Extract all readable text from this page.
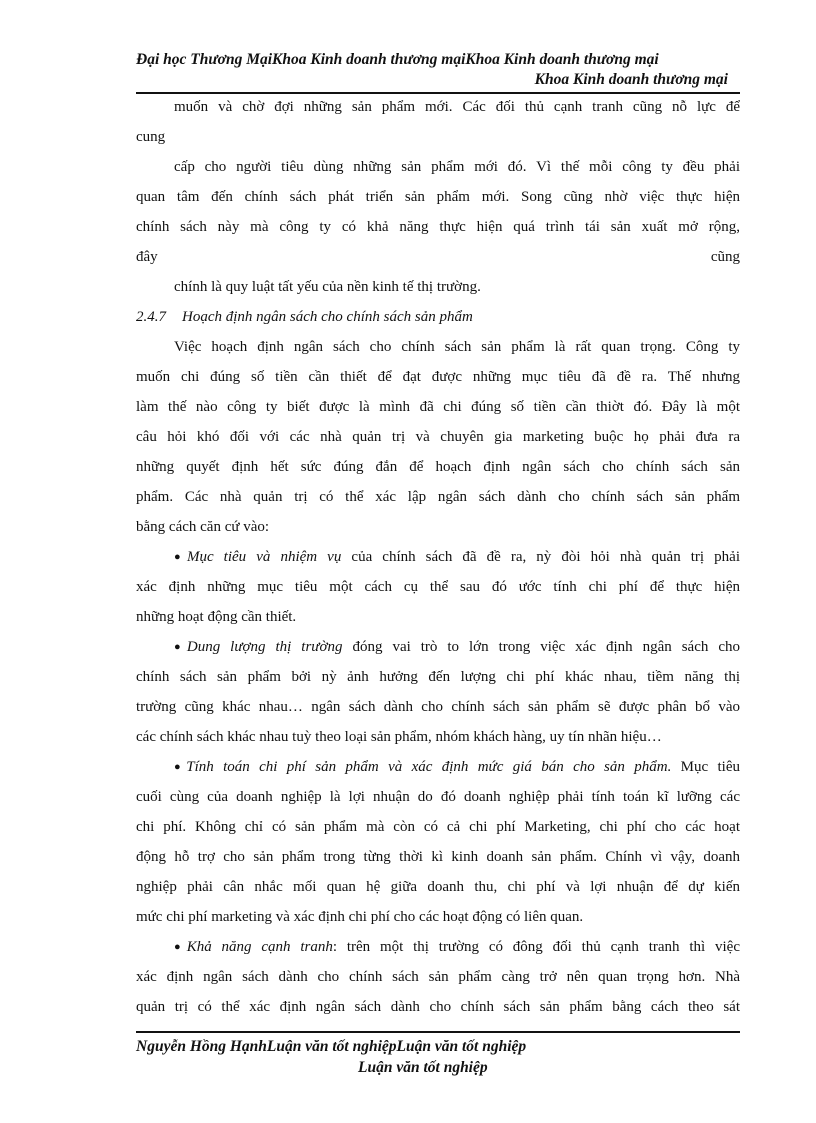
Đại học Thương MạiKhoa Kinh doanh thương mạiKhoa Kinh doanh thương mại
Khoa Kinh doanh thương mại
muốn và chờ đợi những sản phẩm mới. Các đối thủ cạnh tranh cũng nỗ lực để
cung
cấp cho người tiêu dùng những sản phẩm mới đó. Vì thế mỗi công ty đều phải
quan tâm đến chính sách phát triển sản phẩm mới. Song cũng nhờ việc thực hiện
chính sách này mà công ty có khả năng thực hiện quá trình tái sản xuất mở rộng,
đây	cũng
chính là quy luật tất yếu của nền kinh tế thị trường.
2.4.7 Hoạch định ngân sách cho chính sách sản phẩm
Việc hoạch định ngân sách cho chính sách sản phẩm là rất quan trọng. Công ty
muốn chi đúng số tiền cần thiết để đạt được những mục tiêu đã đề ra. Thế nhưng
làm thế nào công ty biết được là mình đã chi đúng số tiền cần thiờt đó. Đây là một
câu hỏi khó đối với các nhà quản trị và chuyên gia marketing buộc họ phải đưa ra
những quyết định hết sức đúng đắn để hoạch định ngân sách cho chính sách sản
phẩm. Các nhà quản trị có thể xác lập ngân sách dành cho chính sách sản phẩm
bằng cách căn cứ vào:
●Mục tiêu và nhiệm vụ của chính sách đã đề ra, nỳ đòi hỏi nhà quản trị phải
xác định những mục tiêu một cách cụ thể sau đó ước tính chi phí để thực hiện
những hoạt động cần thiết.
●Dung lượng thị trường đóng vai trò to lớn trong việc xác định ngân sách cho
chính sách sản phẩm bởi nỳ ảnh hưởng đến lượng chi phí khác nhau, tiềm năng thị
trường cũng khác nhau… ngân sách dành cho chính sách sản phẩm sẽ được phân bổ vào
các chính sách khác nhau tuỳ theo loại sản phẩm, nhóm khách hàng, uy tín nhãn hiệu…
●Tính toán chi phí sản phẩm và xác định mức giá bán cho sản phẩm. Mục tiêu
cuối cùng của doanh nghiệp là lợi nhuận do đó doanh nghiệp phải tính toán kĩ lưỡng các
chi phí. Không chỉ có sản phẩm mà còn có cả chi phí Marketing, chi phí cho các hoạt
động hỗ trợ cho sản phẩm trong từng thời kì kinh doanh sản phẩm. Chính vì vậy, doanh
nghiệp phải cân nhắc mối quan hệ giữa doanh thu, chi phí và lợi nhuận để dự kiến
mức chi phí marketing và xác định chi phí cho các hoạt động có liên quan.
●Khả năng cạnh tranh: trên một thị trường có đông đối thủ cạnh tranh thì việc
xác định ngân sách dành cho chính sách sản phẩm càng trở nên quan trọng hơn. Nhà
quản trị có thể xác định ngân sách dành cho chính sách sản phẩm bằng cách theo sát
Nguyễn Hồng HạnhLuận văn tốt nghiệpLuận văn tốt nghiệp
Luận văn tốt nghiệp
